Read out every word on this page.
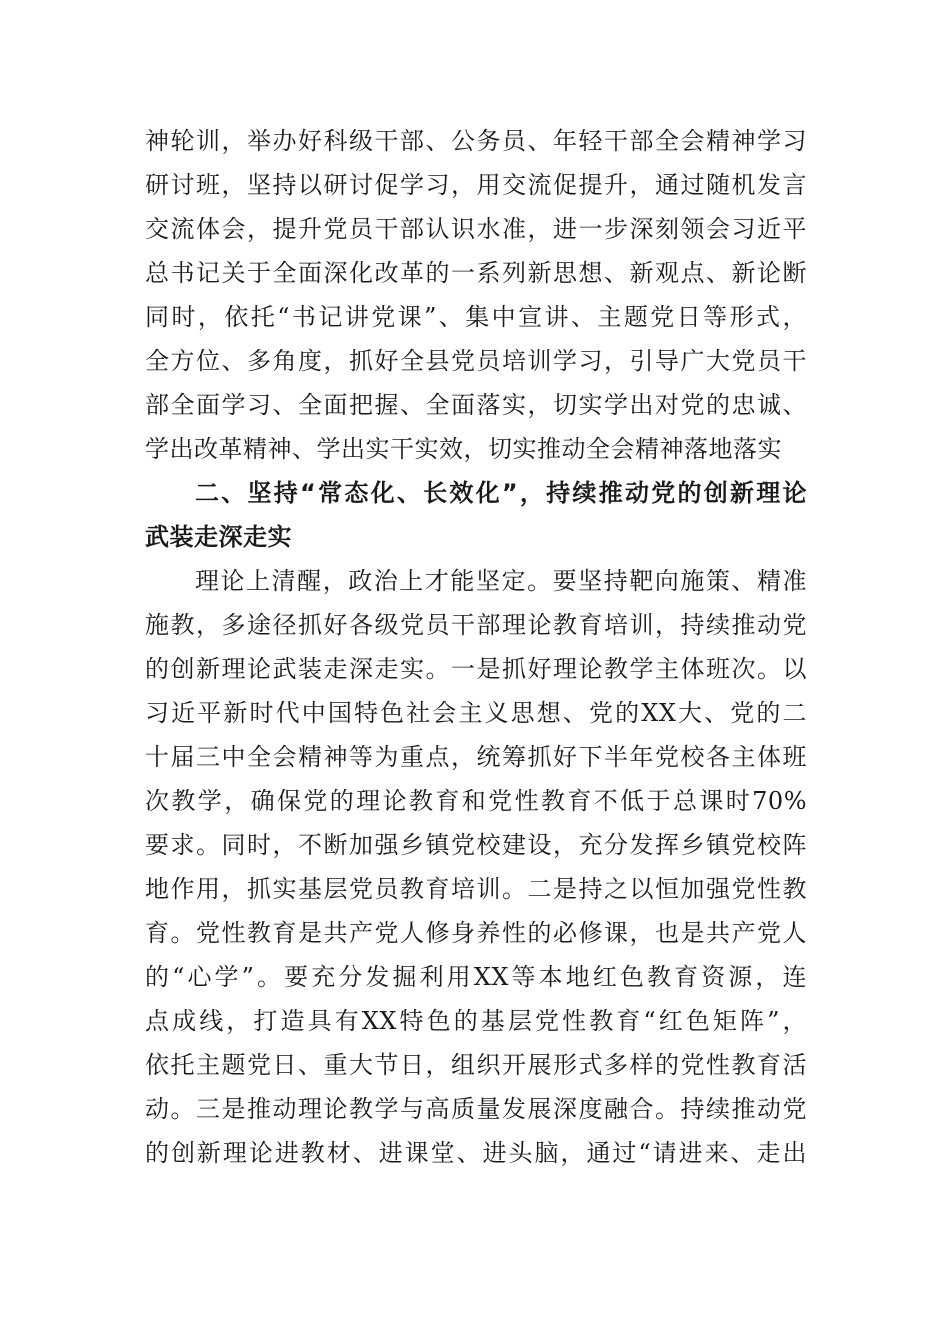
神轮训，举办好科级干部、公务员、年轻干部全会精神学习
研讨班，坚持以研讨促学习，用交流促提升，通过随机发言
交流体会，提升党员干部认识水准，进一步深刻领会习近平
总书记关于全面深化改革的一系列新思想、新观点、新论断
同时，依托“书记讲党课”、集中宣讲、主题党日等形式，
全方位、多角度，抓好全县党员培训学习，引导广大党员干
部全面学习、全面把握、全面落实，切实学出对党的忠诚、
学出改革精神、学出实干实效，切实推动全会精神落地落实
二、坚持“常态化、长效化”，持续推动党的创新理论
武装走深走实
理论上清醒，政治上才能坚定。要坚持靶向施策、精准
施教，多途径抓好各级党员干部理论教育培训，持续推动党
的创新理论武装走深走实。一是抓好理论教学主体班次。以
习近平新时代中国特色社会主义思想、党的XX大、党的二
十届三中全会精神等为重点，统筹抓好下半年党校各主体班
次教学，确保党的理论教育和党性教育不低于总课时70%
要求。同时，不断加强乡镇党校建设，充分发挥乡镇党校阵
地作用，抓实基层党员教育培训。二是持之以恒加强党性教
育。党性教育是共产党人修身养性的必修课，也是共产党人
的“心学”。要充分发掘利用XX等本地红色教育资源，连
点成线，打造具有XX特色的基层党性教育“红色矩阵”，
依托主题党日、重大节日，组织开展形式多样的党性教育活
动。三是推动理论教学与高质量发展深度融合。持续推动党
的创新理论进教材、进课堂、进头脑，通过“请进来、走出
